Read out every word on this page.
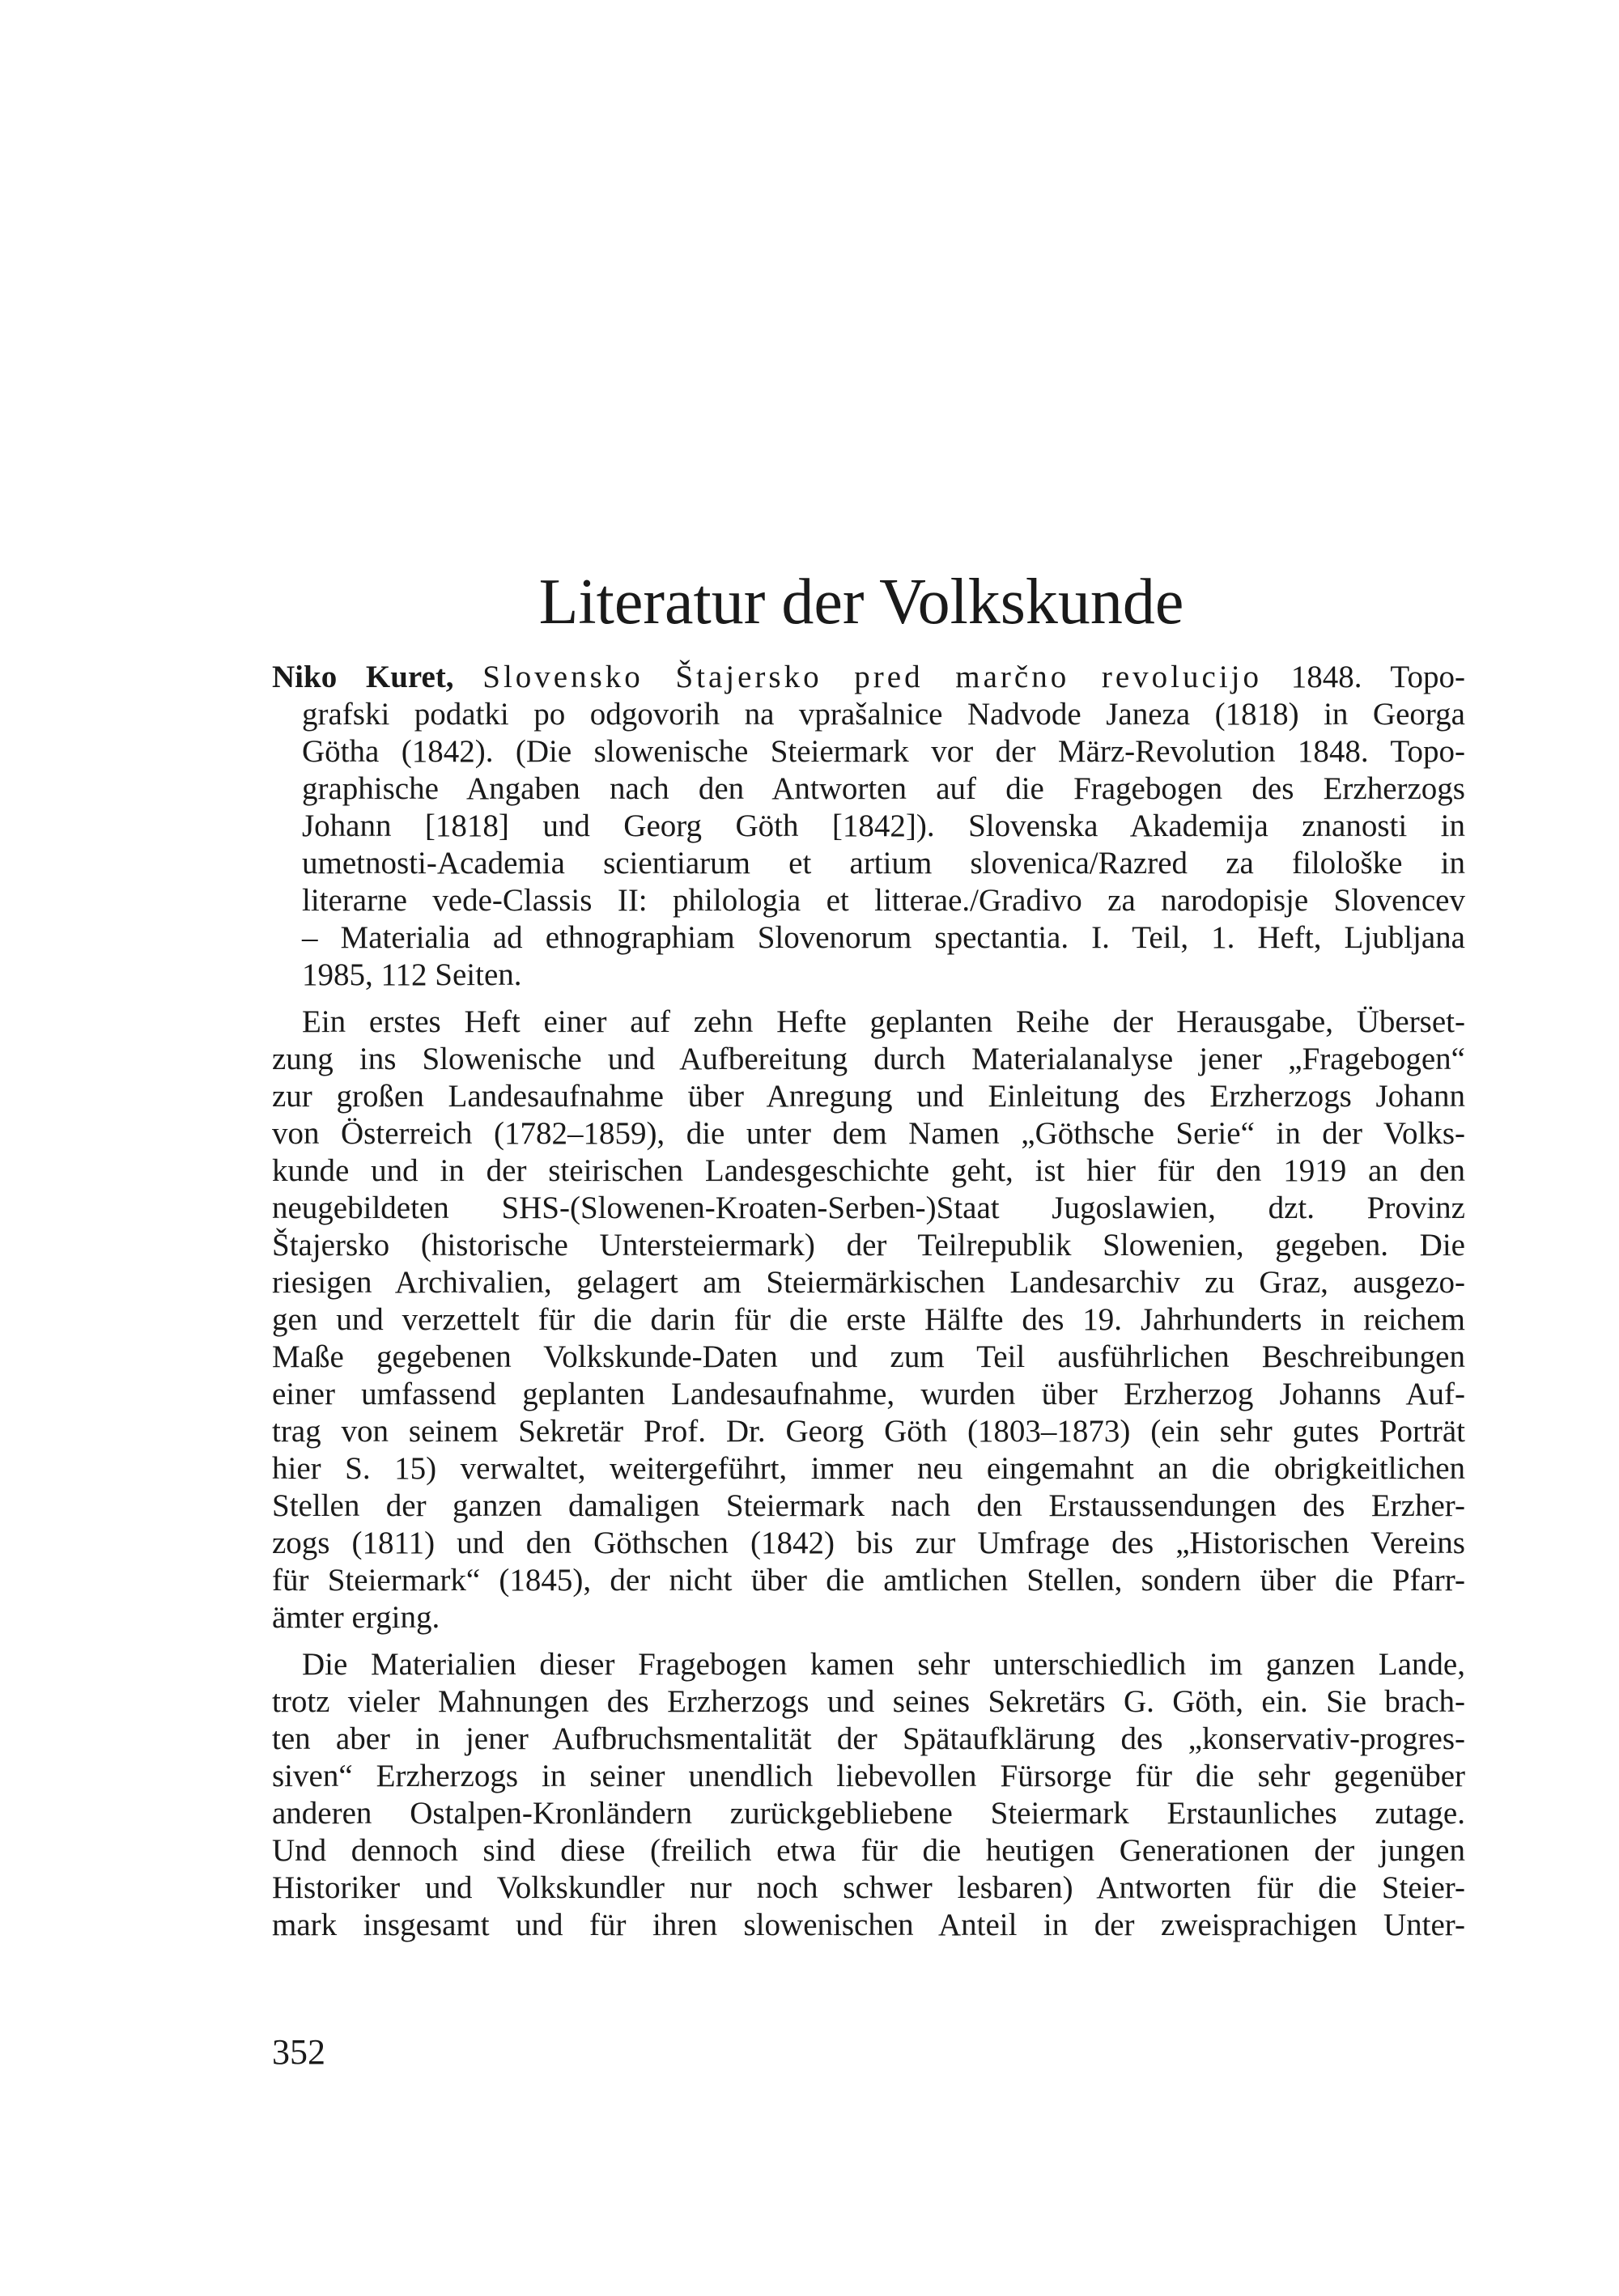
Literatur der Volkskunde
Niko Kuret, Slovensko Štajersko pred marčno revolucijo 1848. Topo-
grafski podatki po odgovorih na vprašalnice Nadvode Janeza (1818) in Georga
Götha (1842). (Die slowenische Steiermark vor der März-Revolution 1848. Topo-
graphische Angaben nach den Antworten auf die Fragebogen des Erzherzogs
Johann [1818] und Georg Göth [1842]). Slovenska Akademija znanosti in
umetnosti-Academia scientiarum et artium slovenica/Razred za filološke in
literarne vede-Classis II: philologia et litterae./Gradivo za narodopisje Slovencev
– Materialia ad ethnographiam Slovenorum spectantia. I. Teil, 1. Heft, Ljubljana
1985, 112 Seiten.
Ein erstes Heft einer auf zehn Hefte geplanten Reihe der Herausgabe, Überset-
zung ins Slowenische und Aufbereitung durch Materialanalyse jener „Fragebogen“
zur großen Landesaufnahme über Anregung und Einleitung des Erzherzogs Johann
von Österreich (1782–1859), die unter dem Namen „Göthsche Serie“ in der Volks-
kunde und in der steirischen Landesgeschichte geht, ist hier für den 1919 an den
neugebildeten SHS-(Slowenen-Kroaten-Serben-)Staat Jugoslawien, dzt. Provinz
Štajersko (historische Untersteiermark) der Teilrepublik Slowenien, gegeben. Die
riesigen Archivalien, gelagert am Steiermärkischen Landesarchiv zu Graz, ausgezo-
gen und verzettelt für die darin für die erste Hälfte des 19. Jahrhunderts in reichem
Maße gegebenen Volkskunde-Daten und zum Teil ausführlichen Beschreibungen
einer umfassend geplanten Landesaufnahme, wurden über Erzherzog Johanns Auf-
trag von seinem Sekretär Prof. Dr. Georg Göth (1803–1873) (ein sehr gutes Porträt
hier S. 15) verwaltet, weitergeführt, immer neu eingemahnt an die obrigkeitlichen
Stellen der ganzen damaligen Steiermark nach den Erstaussendungen des Erzher-
zogs (1811) und den Göthschen (1842) bis zur Umfrage des „Historischen Vereins
für Steiermark“ (1845), der nicht über die amtlichen Stellen, sondern über die Pfarr-
ämter erging.
Die Materialien dieser Fragebogen kamen sehr unterschiedlich im ganzen Lande,
trotz vieler Mahnungen des Erzherzogs und seines Sekretärs G. Göth, ein. Sie brach-
ten aber in jener Aufbruchsmentalität der Spätaufklärung des „konservativ-progres-
siven“ Erzherzogs in seiner unendlich liebevollen Fürsorge für die sehr gegenüber
anderen Ostalpen-Kronländern zurückgebliebene Steiermark Erstaunliches zutage.
Und dennoch sind diese (freilich etwa für die heutigen Generationen der jungen
Historiker und Volkskundler nur noch schwer lesbaren) Antworten für die Steier-
mark insgesamt und für ihren slowenischen Anteil in der zweisprachigen Unter-
352
